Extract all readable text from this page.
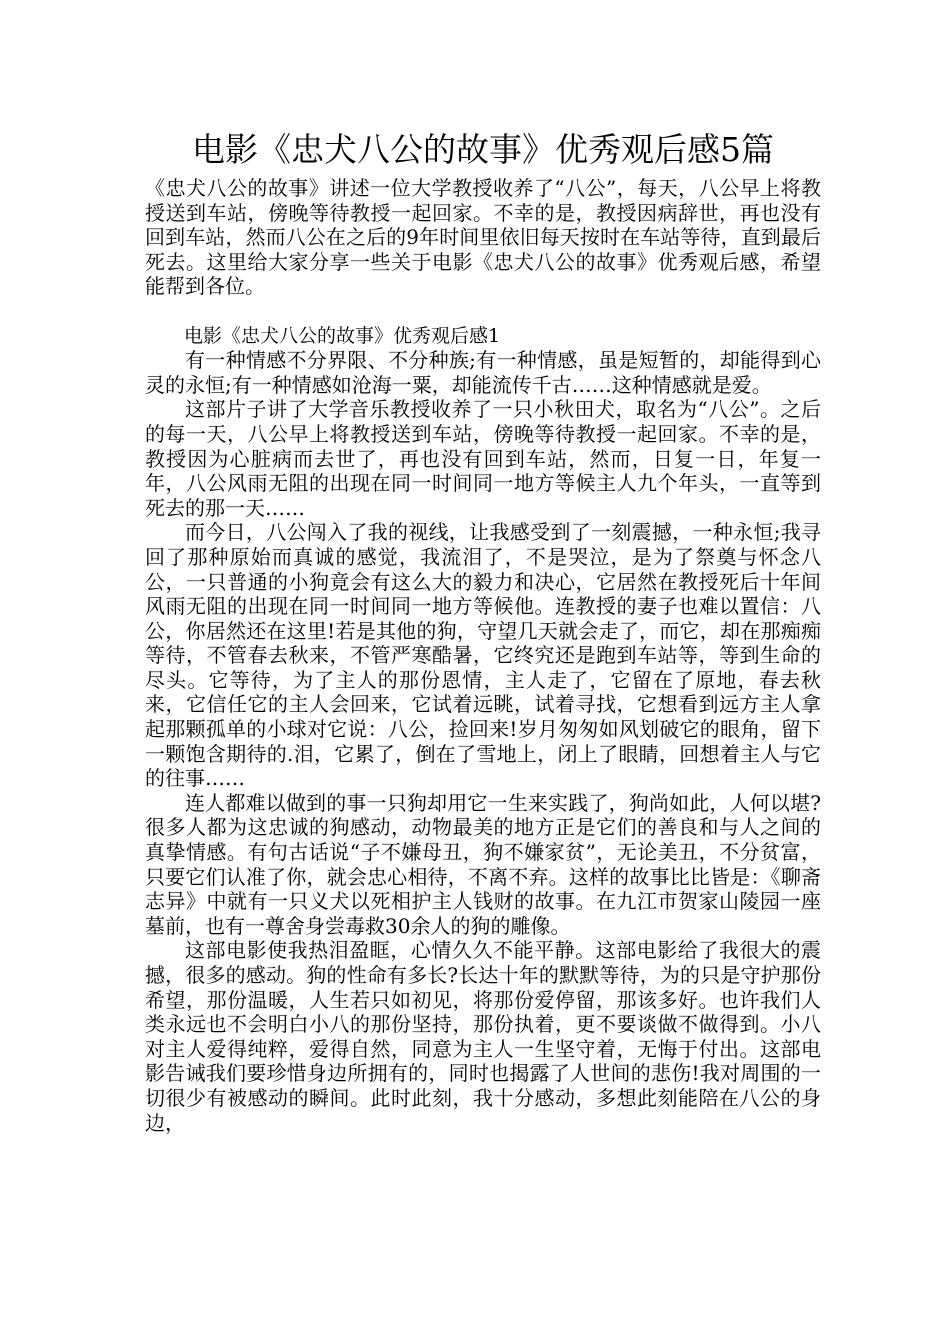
电影《忠犬八公的故事》优秀观后感5篇

《忠犬八公的故事》讲述一位大学教授收养了“八公”，每天，八公早上将教授送到车站，傍晚等待教授一起回家。不幸的是，教授因病辞世，再也没有回到车站，然而八公在之后的9年时间里依旧每天按时在车站等待，直到最后死去。这里给大家分享一些关于电影《忠犬八公的故事》优秀观后感，希望能帮到各位。

电影《忠犬八公的故事》优秀观后感1

有一种情感不分界限、不分种族;有一种情感，虽是短暂的，却能得到心灵的永恒;有一种情感如沧海一粟，却能流传千古……这种情感就是爱。

这部片子讲了大学音乐教授收养了一只小秋田犬，取名为“八公”。之后的每一天，八公早上将教授送到车站，傍晚等待教授一起回家。不幸的是，教授因为心脏病而去世了，再也没有回到车站，然而，日复一日，年复一年，八公风雨无阻的出现在同一时间同一地方等候主人九个年头，一直等到死去的那一天……

而今日，八公闯入了我的视线，让我感受到了一刻震撼，一种永恒;我寻回了那种原始而真诚的感觉，我流泪了，不是哭泣，是为了祭奠与怀念八公，一只普通的小狗竟会有这么大的毅力和决心，它居然在教授死后十年间风雨无阻的出现在同一时间同一地方等候他。连教授的妻子也难以置信：八公，你居然还在这里!若是其他的狗，守望几天就会走了，而它，却在那痴痴等待，不管春去秋来，不管严寒酷暑，它终究还是跑到车站等，等到生命的尽头。它等待，为了主人的那份恩情，主人走了，它留在了原地，春去秋来，它信任它的主人会回来，它试着远眺，试着寻找，它想看到远方主人拿起那颗孤单的小球对它说：八公，捡回来!岁月匆匆如风划破它的眼角，留下一颗饱含期待的.泪，它累了，倒在了雪地上，闭上了眼睛，回想着主人与它的往事……

连人都难以做到的事一只狗却用它一生来实践了，狗尚如此，人何以堪?很多人都为这忠诚的狗感动，动物最美的地方正是它们的善良和与人之间的真挚情感。有句古话说“子不嫌母丑，狗不嫌家贫”，无论美丑，不分贫富，只要它们认准了你，就会忠心相待，不离不弃。这样的故事比比皆是：《聊斋志异》中就有一只义犬以死相护主人钱财的故事。在九江市贺家山陵园一座墓前，也有一尊舍身尝毒救30余人的狗的雕像。

这部电影使我热泪盈眶，心情久久不能平静。这部电影给了我很大的震撼，很多的感动。狗的性命有多长?长达十年的默默等待，为的只是守护那份希望，那份温暖，人生若只如初见，将那份爱停留，那该多好。也许我们人类永远也不会明白小八的那份坚持，那份执着，更不要谈做不做得到。小八对主人爱得纯粹，爱得自然，同意为主人一生坚守着，无悔于付出。这部电影告诫我们要珍惜身边所拥有的，同时也揭露了人世间的悲伤!我对周围的一切很少有被感动的瞬间。此时此刻，我十分感动，多想此刻能陪在八公的身边，
